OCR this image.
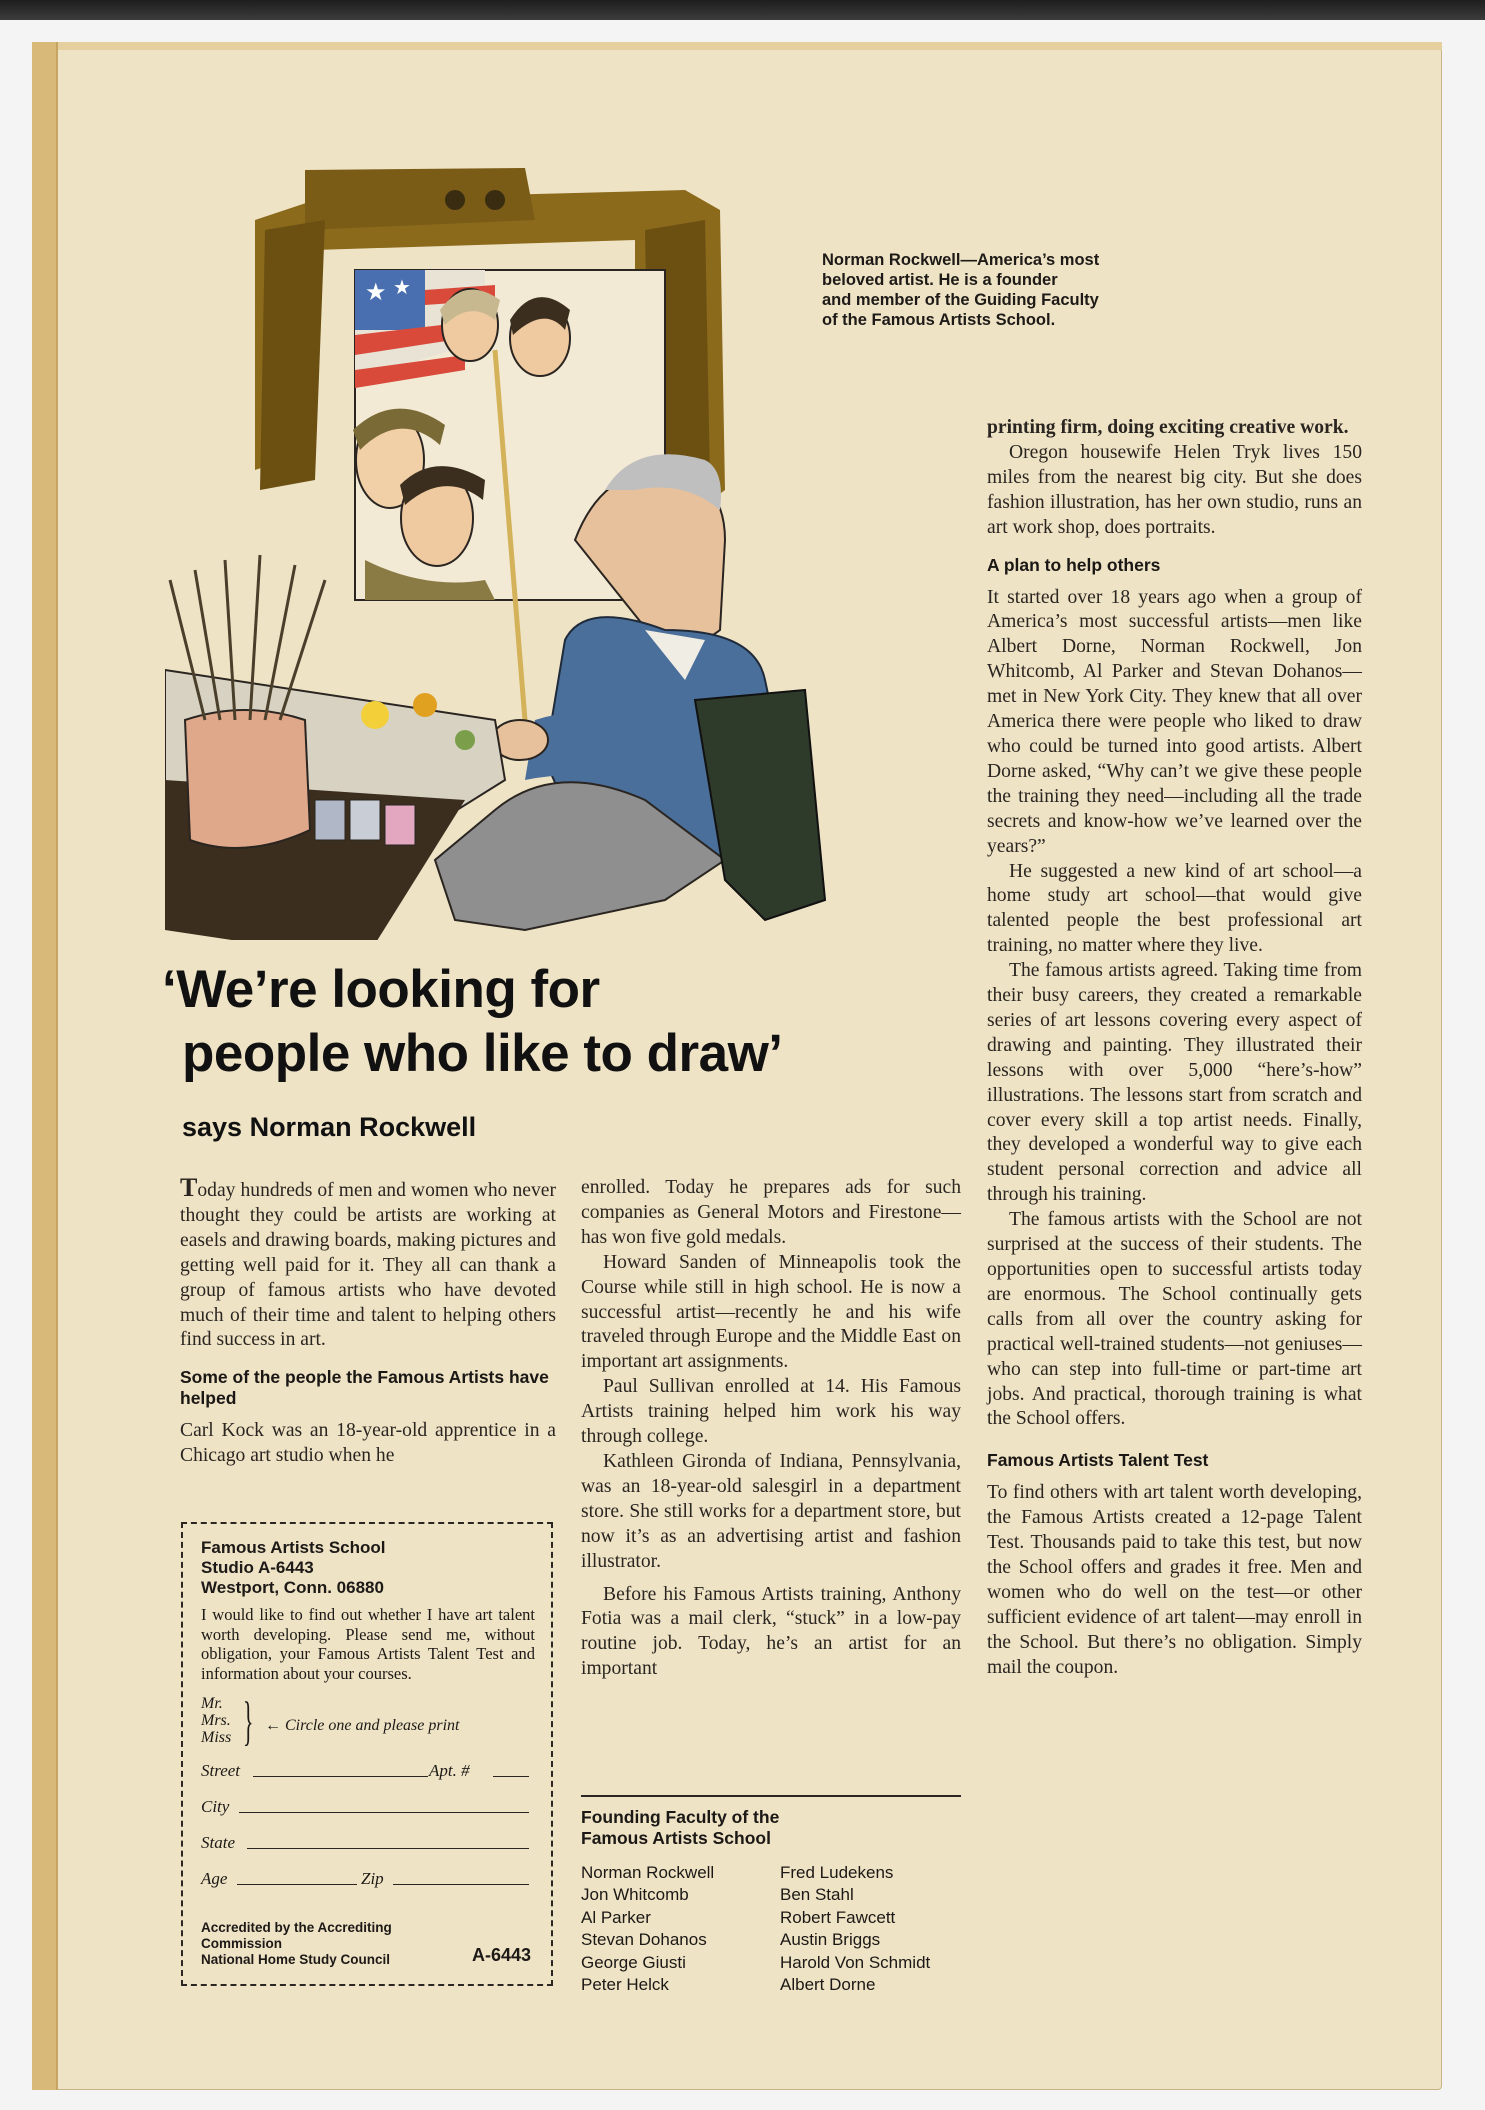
★ ★
Norman Rockwell—America’s most
beloved artist. He is a founder
and member of the Guiding Faculty
of the Famous Artists School.
‘We’re looking for
people who like to draw’
says Norman Rockwell

Today hundreds of men and women who never thought they could be artists are working at easels and drawing boards, making pictures and getting well paid for it. They all can thank a group of famous artists who have devoted much of their time and talent to helping others find success in art.

Some of the people the Famous Artists have helped

Carl Kock was an 18-year-old apprentice in a Chicago art studio when he

Famous Artists School
Studio A-6443
Westport, Conn. 06880
I would like to find out whether I have art talent worth developing. Please send me, without obligation, your Famous Artists Talent Test and information about your courses.
Mr.
Mrs.
Miss } ← Circle one and please print
Street	Apt. #
City
State
Age	Zip
Accredited by the Accrediting Commission
National Home Study Council	A-6443

enrolled. Today he prepares ads for such companies as General Motors and Firestone—has won five gold medals.

Howard Sanden of Minneapolis took the Course while still in high school. He is now a successful artist—recently he and his wife traveled through Europe and the Middle East on important art assignments.

Paul Sullivan enrolled at 14. His Famous Artists training helped him work his way through college.

Kathleen Gironda of Indiana, Pennsylvania, was an 18-year-old salesgirl in a department store. She still works for a department store, but now it’s as an advertising artist and fashion illustrator.

Before his Famous Artists training, Anthony Fotia was a mail clerk, “stuck” in a low-pay routine job. Today, he’s an artist for an important

Founding Faculty of the
Famous Artists School
Norman Rockwell	Fred Ludekens
Jon Whitcomb	Ben Stahl
Al Parker	Robert Fawcett
Stevan Dohanos	Austin Briggs
George Giusti	Harold Von Schmidt
Peter Helck	Albert Dorne

printing firm, doing exciting creative work.

Oregon housewife Helen Tryk lives 150 miles from the nearest big city. But she does fashion illustration, has her own studio, runs an art work shop, does portraits.

A plan to help others

It started over 18 years ago when a group of America’s most successful artists—men like Albert Dorne, Norman Rockwell, Jon Whitcomb, Al Parker and Stevan Dohanos—met in New York City. They knew that all over America there were people who liked to draw who could be turned into good artists. Albert Dorne asked, “Why can’t we give these people the training they need—including all the trade secrets and know-how we’ve learned over the years?”

He suggested a new kind of art school—a home study art school—that would give talented people the best professional art training, no matter where they live.

The famous artists agreed. Taking time from their busy careers, they created a remarkable series of art lessons covering every aspect of drawing and painting. They illustrated their lessons with over 5,000 “here’s-how” illustrations. The lessons start from scratch and cover every skill a top artist needs. Finally, they developed a wonderful way to give each student personal correction and advice all through his training.

The famous artists with the School are not surprised at the success of their students. The opportunities open to successful artists today are enormous. The School continually gets calls from all over the country asking for practical well-trained students—not geniuses—who can step into full-time or part-time art jobs. And practical, thorough training is what the School offers.

Famous Artists Talent Test

To find others with art talent worth developing, the Famous Artists created a 12-page Talent Test. Thousands paid to take this test, but now the School offers and grades it free. Men and women who do well on the test—or other sufficient evidence of art talent—may enroll in the School. But there’s no obligation. Simply mail the coupon.
